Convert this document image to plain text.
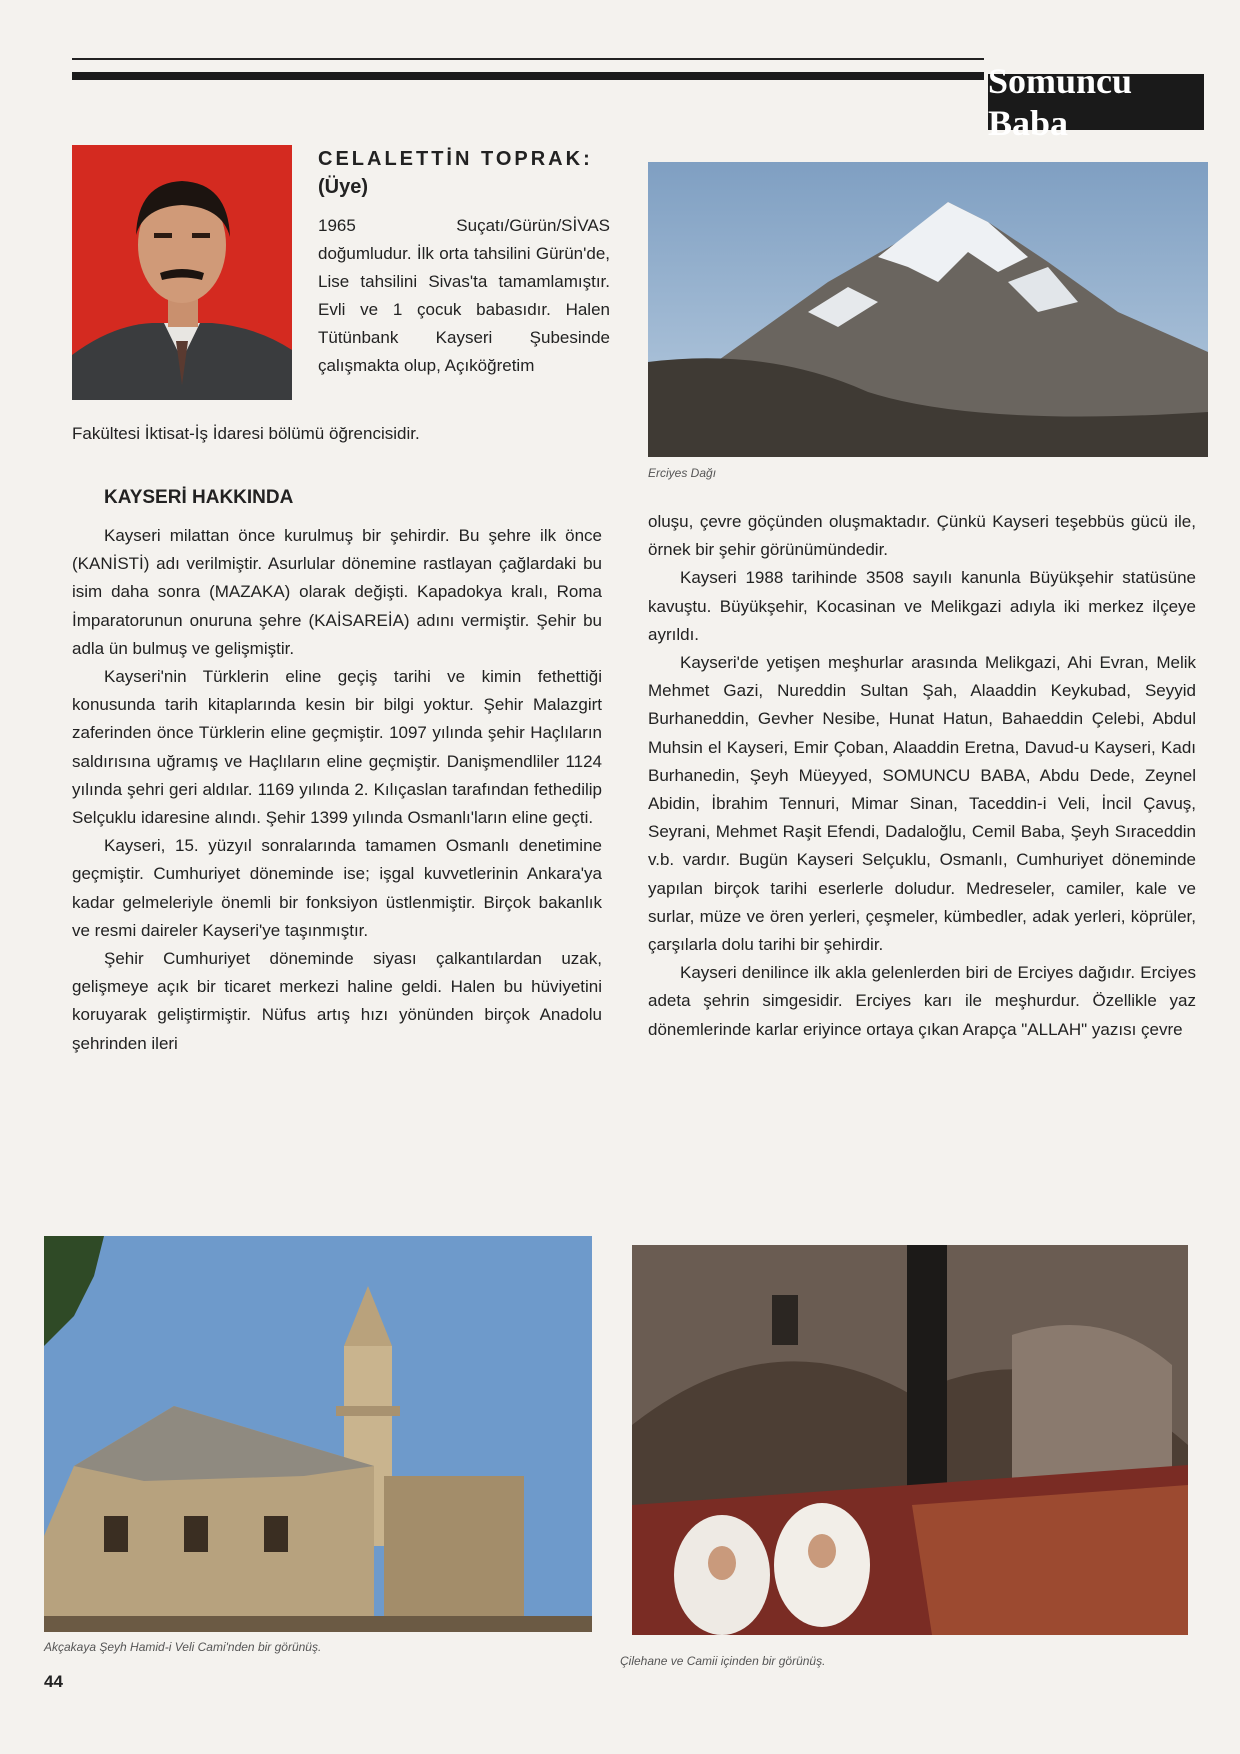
Somuncu Baba
CELALETTİN TOPRAK:
(Üye)
1965 Suçatı/Gürün/SİVAS doğumludur. İlk orta tahsilini Gürün'de, Lise tahsilini Sivas'ta tamamlamıştır. Evli ve 1 çocuk babasıdır. Halen Tütünbank Kayseri Şubesinde çalışmakta olup, Açıköğretim
Fakültesi İktisat-İş İdaresi bölümü öğrencisidir.
Erciyes Dağı
KAYSERİ HAKKINDA

Kayseri milattan önce kurulmuş bir şehirdir. Bu şehre ilk önce (KANİSTİ) adı verilmiştir. Asurlular dönemine rastlayan çağlardaki bu isim daha sonra (MAZAKA) olarak değişti. Kapadokya kralı, Roma İmparatorunun onuruna şehre (KAİSAREİA) adını vermiştir. Şehir bu adla ün bulmuş ve gelişmiştir.

Kayseri'nin Türklerin eline geçiş tarihi ve kimin fethettiği konusunda tarih kitaplarında kesin bir bilgi yoktur. Şehir Malazgirt zaferinden önce Türklerin eline geçmiştir. 1097 yılında şehir Haçlıların saldırısına uğramış ve Haçlıların eline geçmiştir. Danişmendliler 1124 yılında şehri geri aldılar. 1169 yılında 2. Kılıçaslan tarafından fethedilip Selçuklu idaresine alındı. Şehir 1399 yılında Osmanlı'ların eline geçti.

Kayseri, 15. yüzyıl sonralarında tamamen Osmanlı denetimine geçmiştir. Cumhuriyet döneminde ise; işgal kuvvetlerinin Ankara'ya kadar gelmeleriyle önemli bir fonksiyon üstlenmiştir. Birçok bakanlık ve resmi daireler Kayseri'ye taşınmıştır.

Şehir Cumhuriyet döneminde siyası çalkantılardan uzak, gelişmeye açık bir ticaret merkezi haline geldi. Halen bu hüviyetini koruyarak geliştirmiştir. Nüfus artış hızı yönünden birçok Anadolu şehrinden ileri

oluşu, çevre göçünden oluşmaktadır. Çünkü Kayseri teşebbüs gücü ile, örnek bir şehir görünümündedir.

Kayseri 1988 tarihinde 3508 sayılı kanunla Büyükşehir statüsüne kavuştu. Büyükşehir, Kocasinan ve Melikgazi adıyla iki merkez ilçeye ayrıldı.

Kayseri'de yetişen meşhurlar arasında Melikgazi, Ahi Evran, Melik Mehmet Gazi, Nureddin Sultan Şah, Alaaddin Keykubad, Seyyid Burhaneddin, Gevher Nesibe, Hunat Hatun, Bahaeddin Çelebi, Abdul Muhsin el Kayseri, Emir Çoban, Alaaddin Eretna, Davud-u Kayseri, Kadı Burhanedin, Şeyh Müeyyed, SOMUNCU BABA, Abdu Dede, Zeynel Abidin, İbrahim Tennuri, Mimar Sinan, Taceddin-i Veli, İncil Çavuş, Seyrani, Mehmet Raşit Efendi, Dadaloğlu, Cemil Baba, Şeyh Sıraceddin v.b. vardır. Bugün Kayseri Selçuklu, Osmanlı, Cumhuriyet döneminde yapılan birçok tarihi eserlerle doludur. Medreseler, camiler, kale ve surlar, müze ve ören yerleri, çeşmeler, kümbedler, adak yerleri, köprüler, çarşılarla dolu tarihi bir şehirdir.

Kayseri denilince ilk akla gelenlerden biri de Erciyes dağıdır. Erciyes adeta şehrin simgesidir. Erciyes karı ile meşhurdur. Özellikle yaz dönemlerinde karlar eriyince ortaya çıkan Arapça "ALLAH" yazısı çevre

Akçakaya Şeyh Hamid-i Veli Cami'nden bir görünüş.
Çilehane ve Camii içinden bir görünüş.
44
